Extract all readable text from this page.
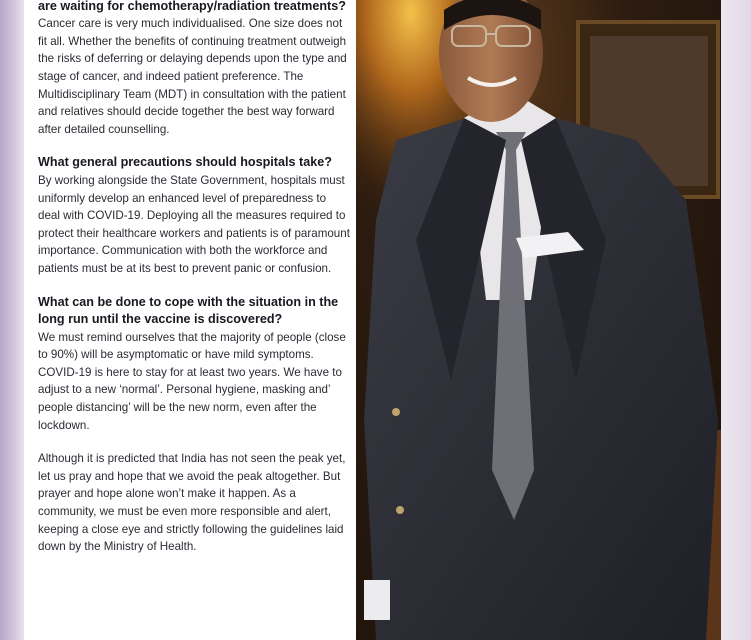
are waiting for chemotherapy/radiation treatments?

Cancer care is very much individualised. One size does not fit all. Whether the benefits of continuing treatment outweigh the risks of deferring or delaying depends upon the type and stage of cancer, and indeed patient preference. The Multidisciplinary Team (MDT) in consultation with the patient and relatives should decide together the best way forward after detailed counselling.

What general precautions should hospitals take?

By working alongside the State Government, hospitals must uniformly develop an enhanced level of preparedness to deal with COVID-19. Deploying all the measures required to protect their healthcare workers and patients is of paramount importance. Communication with both the workforce and patients must be at its best to prevent panic or confusion.

What can be done to cope with the situation in the long run until the vaccine is discovered?

We must remind ourselves that the majority of people (close to 90%) will be asymptomatic or have mild symptoms. COVID-19 is here to stay for at least two years. We have to adjust to a new ‘normal’. Personal hygiene, masking and’ people distancing’ will be the new norm, even after the lockdown.

Although it is predicted that India has not seen the peak yet, let us pray and hope that we avoid the peak altogether. But prayer and hope alone won’t make it happen. As a community, we must be even more responsible and alert, keeping a close eye and strictly following the guidelines laid down by the Ministry of Health.
